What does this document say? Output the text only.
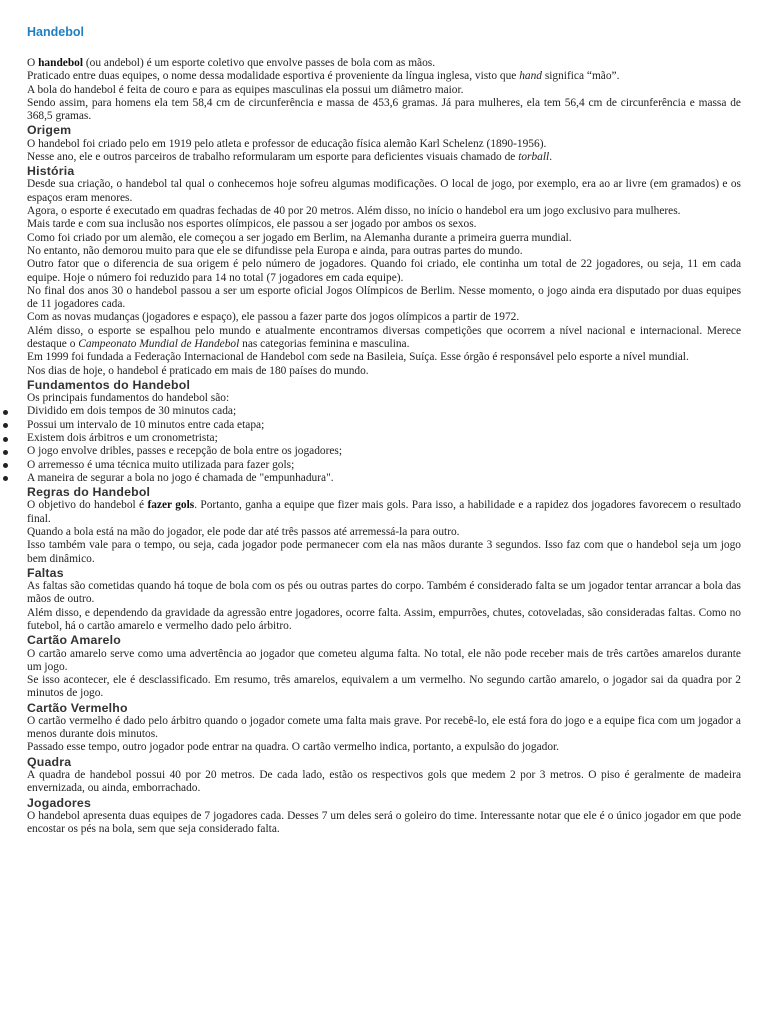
Handebol

O handebol (ou andebol) é um esporte coletivo que envolve passes de bola com as mãos.

Praticado entre duas equipes, o nome dessa modalidade esportiva é proveniente da língua inglesa, visto que hand significa “mão”.

A bola do handebol é feita de couro e para as equipes masculinas ela possui um diâmetro maior.

Sendo assim, para homens ela tem 58,4 cm de circunferência e massa de 453,6 gramas. Já para mulheres, ela tem 56,4 cm de circunferência e massa de 368,5 gramas.

Origem

O handebol foi criado pelo em 1919 pelo atleta e professor de educação física alemão Karl Schelenz (1890-1956).

Nesse ano, ele e outros parceiros de trabalho reformularam um esporte para deficientes visuais chamado de torball.

História

Desde sua criação, o handebol tal qual o conhecemos hoje sofreu algumas modificações. O local de jogo, por exemplo, era ao ar livre (em gramados) e os espaços eram menores.

Agora, o esporte é executado em quadras fechadas de 40 por 20 metros. Além disso, no início o handebol era um jogo exclusivo para mulheres.

Mais tarde e com sua inclusão nos esportes olímpicos, ele passou a ser jogado por ambos os sexos.

Como foi criado por um alemão, ele começou a ser jogado em Berlim, na Alemanha durante a primeira guerra mundial.

No entanto, não demorou muito para que ele se difundisse pela Europa e ainda, para outras partes do mundo.

Outro fator que o diferencia de sua origem é pelo número de jogadores. Quando foi criado, ele continha um total de 22 jogadores, ou seja, 11 em cada equipe. Hoje o número foi reduzido para 14 no total (7 jogadores em cada equipe).

No final dos anos 30 o handebol passou a ser um esporte oficial Jogos Olímpicos de Berlim. Nesse momento, o jogo ainda era disputado por duas equipes de 11 jogadores cada.

Com as novas mudanças (jogadores e espaço), ele passou a fazer parte dos jogos olímpicos a partir de 1972.

Além disso, o esporte se espalhou pelo mundo e atualmente encontramos diversas competições que ocorrem a nível nacional e internacional. Merece destaque o Campeonato Mundial de Handebol nas categorias feminina e masculina.

Em 1999 foi fundada a Federação Internacional de Handebol com sede na Basileia, Suíça. Esse órgão é responsável pelo esporte a nível mundial.

Nos dias de hoje, o handebol é praticado em mais de 180 países do mundo.

Fundamentos do Handebol

Os principais fundamentos do handebol são:

Dividido em dois tempos de 30 minutos cada;
Possui um intervalo de 10 minutos entre cada etapa;
Existem dois árbitros e um cronometrista;
O jogo envolve dribles, passes e recepção de bola entre os jogadores;
O arremesso é uma técnica muito utilizada para fazer gols;
A maneira de segurar a bola no jogo é chamada de "empunhadura".
Regras do Handebol

O objetivo do handebol é fazer gols. Portanto, ganha a equipe que fizer mais gols. Para isso, a habilidade e a rapidez dos jogadores favorecem o resultado final.

Quando a bola está na mão do jogador, ele pode dar até três passos até arremessá-la para outro.

Isso também vale para o tempo, ou seja, cada jogador pode permanecer com ela nas mãos durante 3 segundos. Isso faz com que o handebol seja um jogo bem dinâmico.

Faltas

As faltas são cometidas quando há toque de bola com os pés ou outras partes do corpo. Também é considerado falta se um jogador tentar arrancar a bola das mãos de outro.

Além disso, e dependendo da gravidade da agressão entre jogadores, ocorre falta. Assim, empurrões, chutes, cotoveladas, são consideradas faltas. Como no futebol, há o cartão amarelo e vermelho dado pelo árbitro.

Cartão Amarelo

O cartão amarelo serve como uma advertência ao jogador que cometeu alguma falta. No total, ele não pode receber mais de três cartões amarelos durante um jogo.

Se isso acontecer, ele é desclassificado. Em resumo, três amarelos, equivalem a um vermelho. No segundo cartão amarelo, o jogador sai da quadra por 2 minutos de jogo.

Cartão Vermelho

O cartão vermelho é dado pelo árbitro quando o jogador comete uma falta mais grave. Por recebê-lo, ele está fora do jogo e a equipe fica com um jogador a menos durante dois minutos.

Passado esse tempo, outro jogador pode entrar na quadra. O cartão vermelho indica, portanto, a expulsão do jogador.

Quadra

A quadra de handebol possui 40 por 20 metros. De cada lado, estão os respectivos gols que medem 2 por 3 metros. O piso é geralmente de madeira envernizada, ou ainda, emborrachado.

Jogadores

O handebol apresenta duas equipes de 7 jogadores cada. Desses 7 um deles será o goleiro do time. Interessante notar que ele é o único jogador em que pode encostar os pés na bola, sem que seja considerado falta.
